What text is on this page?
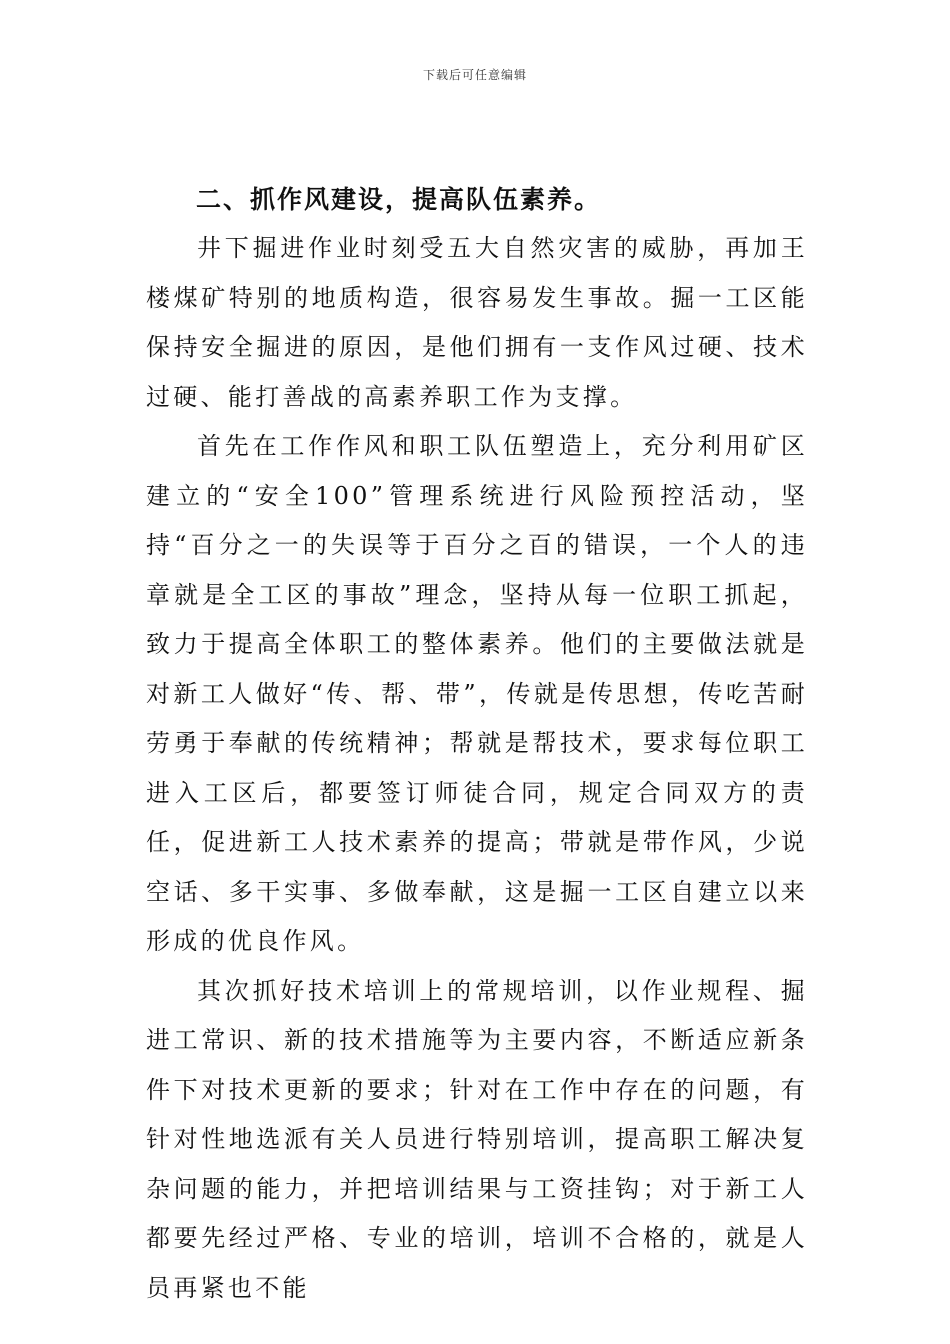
下载后可任意编辑

二、抓作风建设，提高队伍素养。

井下掘进作业时刻受五大自然灾害的威胁，再加王楼煤矿特别的地质构造，很容易发生事故。掘一工区能保持安全掘进的原因，是他们拥有一支作风过硬、技术过硬、能打善战的高素养职工作为支撑。

首先在工作作风和职工队伍塑造上，充分利用矿区建立的“安全100”管理系统进行风险预控活动，坚持“百分之一的失误等于百分之百的错误，一个人的违章就是全工区的事故”理念，坚持从每一位职工抓起，致力于提高全体职工的整体素养。他们的主要做法就是对新工人做好“传、帮、带”，传就是传思想，传吃苦耐劳勇于奉献的传统精神；帮就是帮技术，要求每位职工进入工区后，都要签订师徒合同，规定合同双方的责任，促进新工人技术素养的提高；带就是带作风，少说空话、多干实事、多做奉献，这是掘一工区自建立以来形成的优良作风。

其次抓好技术培训上的常规培训，以作业规程、掘进工常识、新的技术措施等为主要内容，不断适应新条件下对技术更新的要求；针对在工作中存在的问题，有针对性地选派有关人员进行特别培训，提高职工解决复杂问题的能力，并把培训结果与工资挂钩；对于新工人都要先经过严格、专业的培训，培训不合格的，就是人员再紧也不能
